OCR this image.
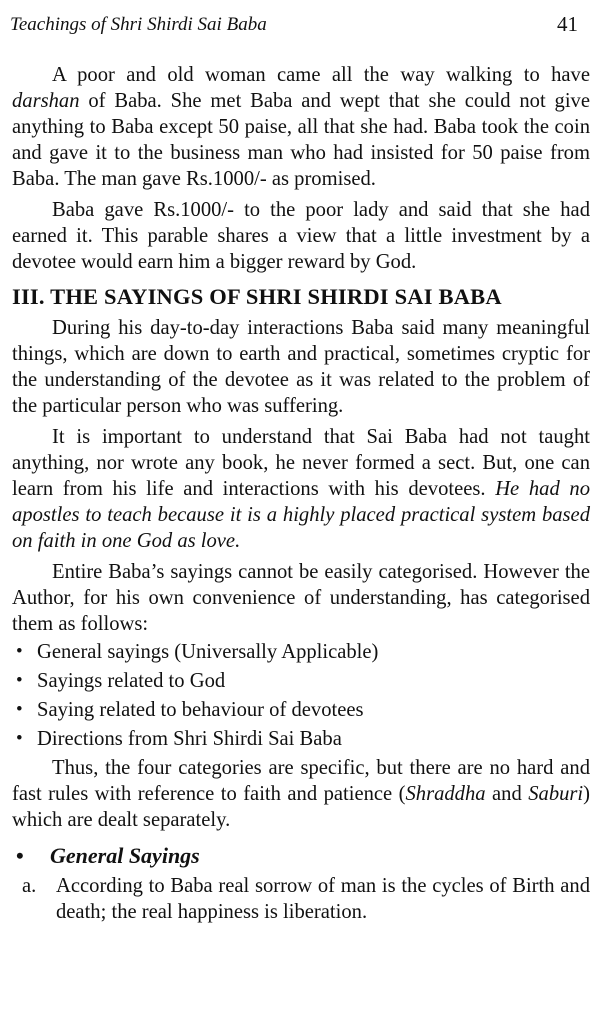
Teachings of Shri Shirdi Sai Baba	41

A poor and old woman came all the way walking to have darshan of Baba. She met Baba and wept that she could not give anything to Baba except 50 paise, all that she had. Baba took the coin and gave it to the business man who had insisted for 50 paise from Baba. The man gave Rs.1000/- as promised.

Baba gave Rs.1000/- to the poor lady and said that she had earned it. This parable shares a view that a little investment by a devotee would earn him a bigger reward by God.

III. THE SAYINGS OF SHRI SHIRDI SAI BABA

During his day-to-day interactions Baba said many meaningful things, which are down to earth and practical, sometimes cryptic for the understanding of the devotee as it was related to the problem of the particular person who was suffering.

It is important to understand that Sai Baba had not taught anything, nor wrote any book, he never formed a sect. But, one can learn from his life and interactions with his devotees. He had no apostles to teach because it is a highly placed practical system based on faith in one God as love.

Entire Baba’s sayings cannot be easily categorised. However the Author, for his own convenience of understanding, has categorised them as follows:

• General sayings (Universally Applicable)
• Sayings related to God
• Saying related to behaviour of devotees
• Directions from Shri Shirdi Sai Baba

Thus, the four categories are specific, but there are no hard and fast rules with reference to faith and patience (Shraddha and Saburi) which are dealt separately.

• General Sayings

a. According to Baba real sorrow of man is the cycles of Birth and death; the real happiness is liberation.
